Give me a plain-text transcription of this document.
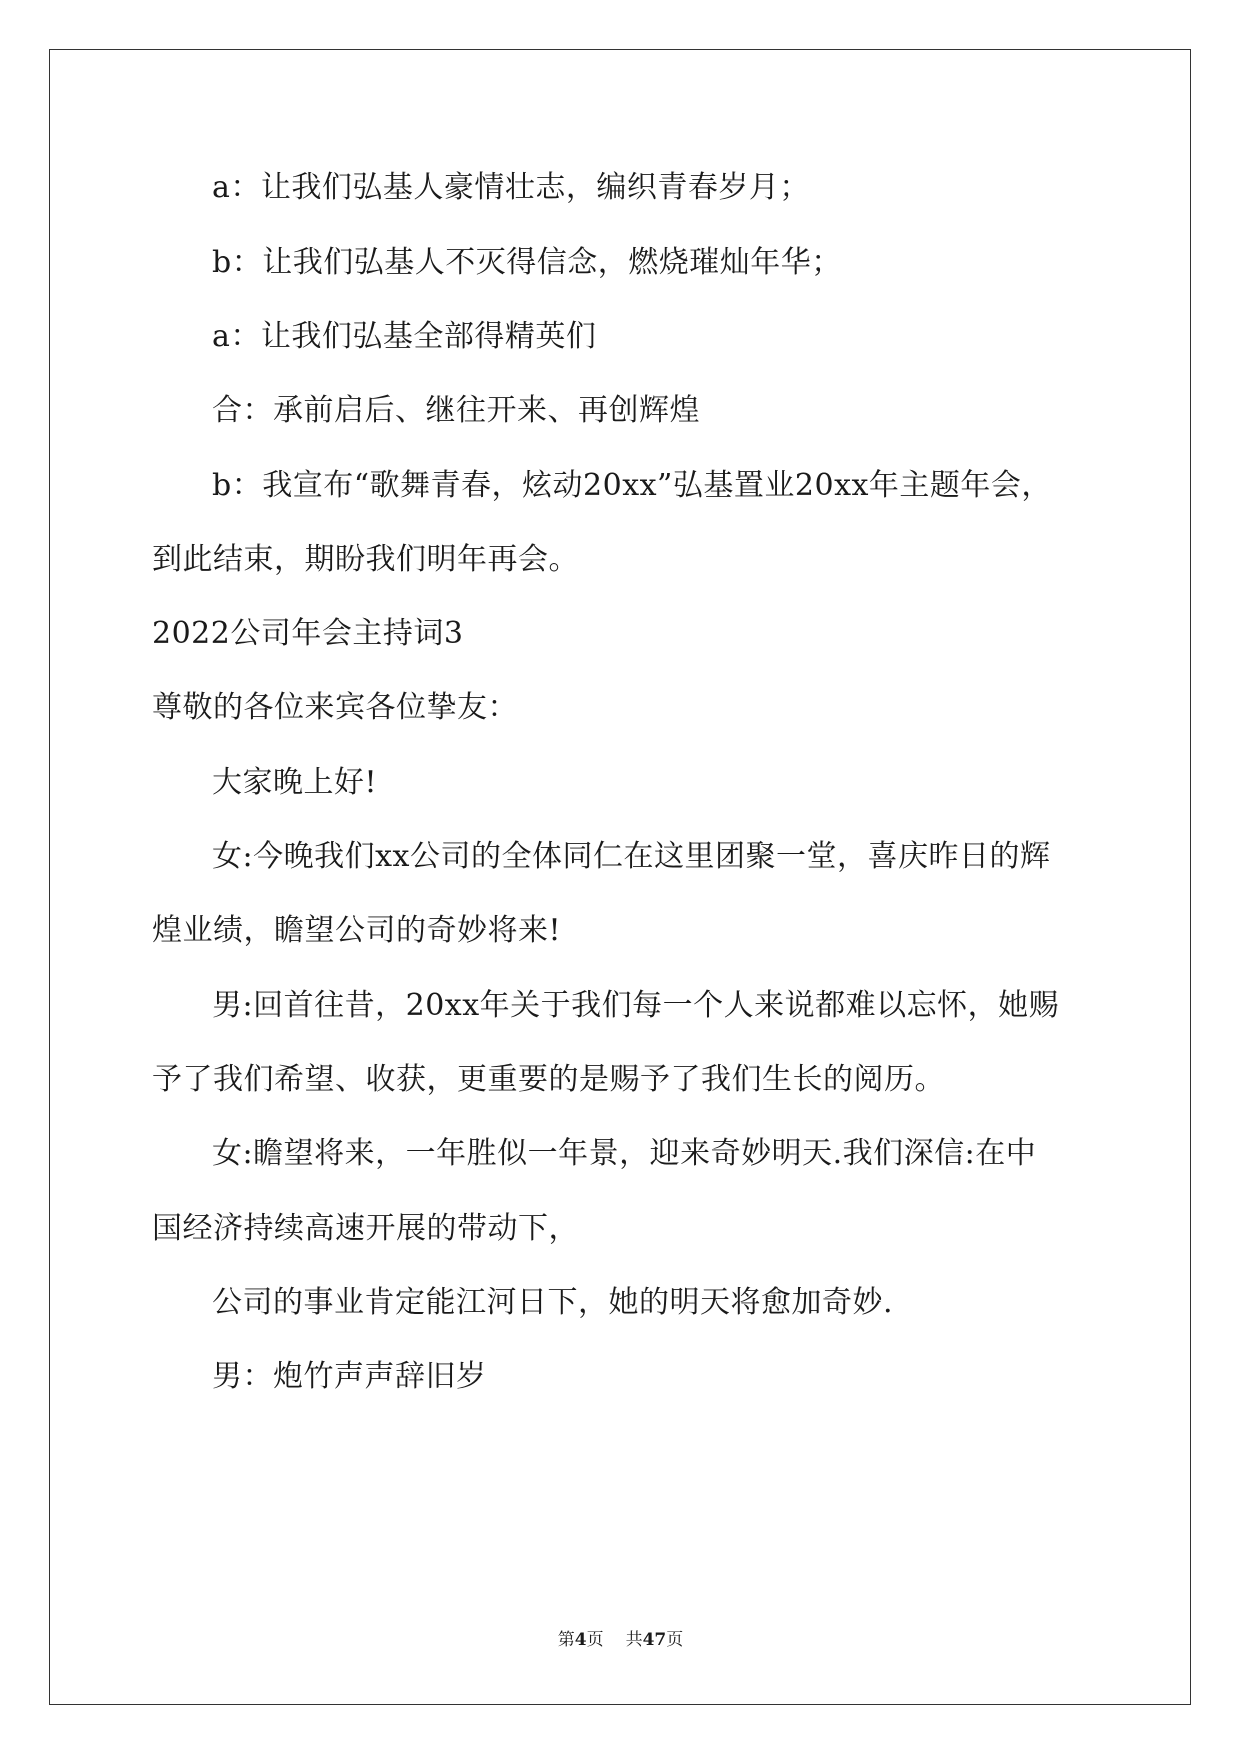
a：让我们弘基人豪情壮志，编织青春岁月；
b：让我们弘基人不灭得信念，燃烧璀灿年华；
a：让我们弘基全部得精英们
合：承前启后、继往开来、再创辉煌
b：我宣布“歌舞青春，炫动20xx”弘基置业20xx年主题年会，
到此结束，期盼我们明年再会。
2022公司年会主持词3
尊敬的各位来宾各位挚友：
大家晚上好!
女:今晚我们xx公司的全体同仁在这里团聚一堂，喜庆昨日的辉
煌业绩，瞻望公司的奇妙将来!
男:回首往昔，20xx年关于我们每一个人来说都难以忘怀，她赐
予了我们希望、收获，更重要的是赐予了我们生长的阅历。
女:瞻望将来，一年胜似一年景，迎来奇妙明天.我们深信:在中
国经济持续高速开展的带动下，
公司的事业肯定能江河日下，她的明天将愈加奇妙.
男：炮竹声声辞旧岁
第4页 共47页
